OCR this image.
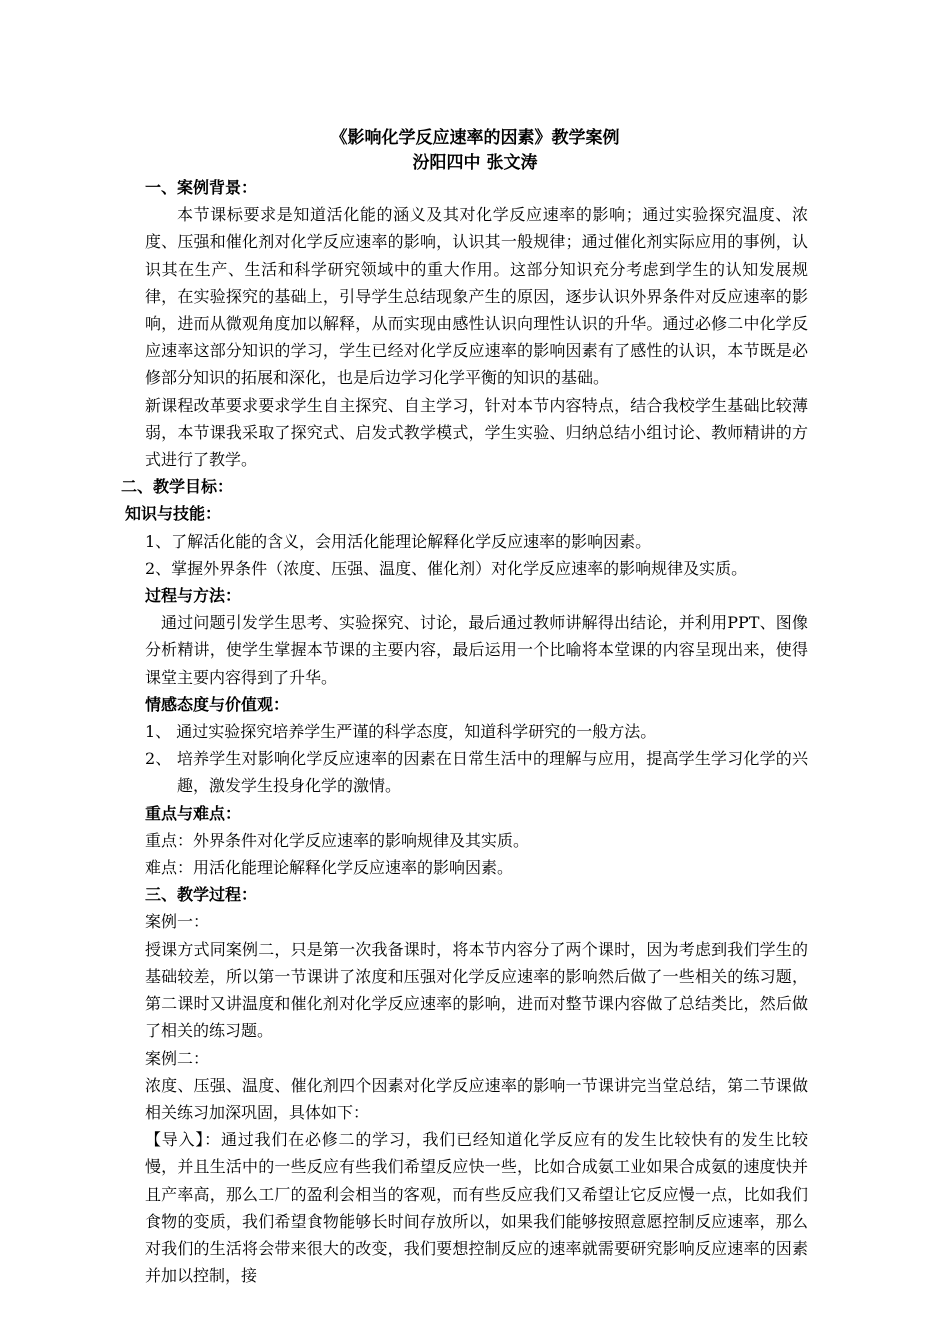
《影响化学反应速率的因素》教学案例
汾阳四中 张文涛

一、案例背景：

本节课标要求是知道活化能的涵义及其对化学反应速率的影响；通过实验探究温度、浓度、压强和催化剂对化学反应速率的影响，认识其一般规律；通过催化剂实际应用的事例，认识其在生产、生活和科学研究领域中的重大作用。这部分知识充分考虑到学生的认知发展规律，在实验探究的基础上，引导学生总结现象产生的原因，逐步认识外界条件对反应速率的影响，进而从微观角度加以解释，从而实现由感性认识向理性认识的升华。通过必修二中化学反应速率这部分知识的学习，学生已经对化学反应速率的影响因素有了感性的认识，本节既是必修部分知识的拓展和深化，也是后边学习化学平衡的知识的基础。

新课程改革要求要求学生自主探究、自主学习，针对本节内容特点，结合我校学生基础比较薄弱，本节课我采取了探究式、启发式教学模式，学生实验、归纳总结小组讨论、教师精讲的方式进行了教学。

二、教学目标：

知识与技能：

1、了解活化能的含义，会用活化能理论解释化学反应速率的影响因素。

2、掌握外界条件（浓度、压强、温度、催化剂）对化学反应速率的影响规律及实质。

过程与方法：

通过问题引发学生思考、实验探究、讨论，最后通过教师讲解得出结论，并利用PPT、图像分析精讲，使学生掌握本节课的主要内容，最后运用一个比喻将本堂课的内容呈现出来，使得课堂主要内容得到了升华。

情感态度与价值观：

1、 通过实验探究培养学生严谨的科学态度，知道科学研究的一般方法。

2、 培养学生对影响化学反应速率的因素在日常生活中的理解与应用，提高学生学习化学的兴趣，激发学生投身化学的激情。

重点与难点：

重点：外界条件对化学反应速率的影响规律及其实质。

难点：用活化能理论解释化学反应速率的影响因素。

三、教学过程：

案例一：

授课方式同案例二，只是第一次我备课时，将本节内容分了两个课时，因为考虑到我们学生的基础较差，所以第一节课讲了浓度和压强对化学反应速率的影响然后做了一些相关的练习题，第二课时又讲温度和催化剂对化学反应速率的影响，进而对整节课内容做了总结类比，然后做了相关的练习题。

案例二：

浓度、压强、温度、催化剂四个因素对化学反应速率的影响一节课讲完当堂总结，第二节课做相关练习加深巩固，具体如下：

【导入】：通过我们在必修二的学习，我们已经知道化学反应有的发生比较快有的发生比较慢，并且生活中的一些反应有些我们希望反应快一些，比如合成氨工业如果合成氨的速度快并且产率高，那么工厂的盈利会相当的客观，而有些反应我们又希望让它反应慢一点，比如我们食物的变质，我们希望食物能够长时间存放所以，如果我们能够按照意愿控制反应速率，那么对我们的生活将会带来很大的改变，我们要想控制反应的速率就需要研究影响反应速率的因素并加以控制，接
